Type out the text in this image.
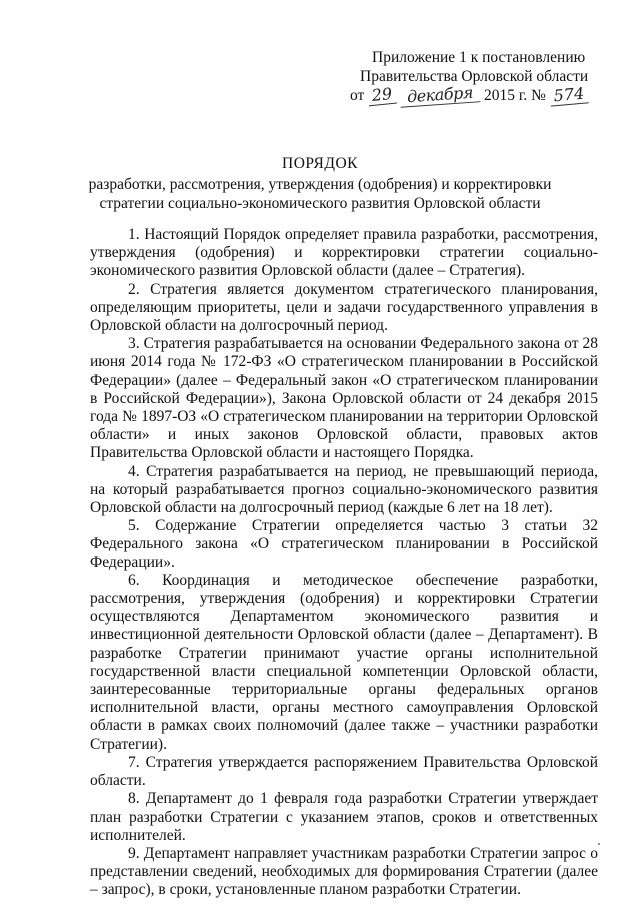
Приложение 1 к постановлению
Правительства Орловской области
от 29 декабря 2015 г. № 574
ПОРЯДОК
разработки, рассмотрения, утверждения (одобрения) и корректировки
стратегии социально-экономического развития Орловской области

1. Настоящий Порядок определяет правила разработки, рассмотрения, утверждения (одобрения) и корректировки стратегии социально-экономического развития Орловской области (далее – Стратегия).

2. Стратегия является документом стратегического планирования, определяющим приоритеты, цели и задачи государственного управления в Орловской области на долгосрочный период.

3. Стратегия разрабатывается на основании Федерального закона от 28 июня 2014 года № 172-ФЗ «О стратегическом планировании в Российской Федерации» (далее – Федеральный закон «О стратегическом планировании в Российской Федерации»), Закона Орловской области от 24 декабря 2015 года № 1897-ОЗ «О стратегическом планировании на территории Орловской области» и иных законов Орловской области, правовых актов Правительства Орловской области и настоящего Порядка.

4. Стратегия разрабатывается на период, не превышающий периода, на который разрабатывается прогноз социально-экономического развития Орловской области на долгосрочный период (каждые 6 лет на 18 лет).

5. Содержание Стратегии определяется частью 3 статьи 32 Федерального закона «О стратегическом планировании в Российской Федерации».

6. Координация и методическое обеспечение разработки, рассмотрения, утверждения (одобрения) и корректировки Стратегии осуществляются Департаментом экономического развития и инвестиционной деятельности Орловской области (далее – Департамент). В разработке Стратегии принимают участие органы исполнительной государственной власти специальной компетенции Орловской области, заинтересованные территориальные органы федеральных органов исполнительной власти, органы местного самоуправления Орловской области в рамках своих полномочий (далее также – участники разработки Стратегии).

7. Стратегия утверждается распоряжением Правительства Орловской области.

8. Департамент до 1 февраля года разработки Стратегии утверждает план разработки Стратегии с указанием этапов, сроков и ответственных исполнителей.

9. Департамент направляет участникам разработки Стратегии запрос о представлении сведений, необходимых для формирования Стратегии (далее – запрос), в сроки, установленные планом разработки Стратегии.
